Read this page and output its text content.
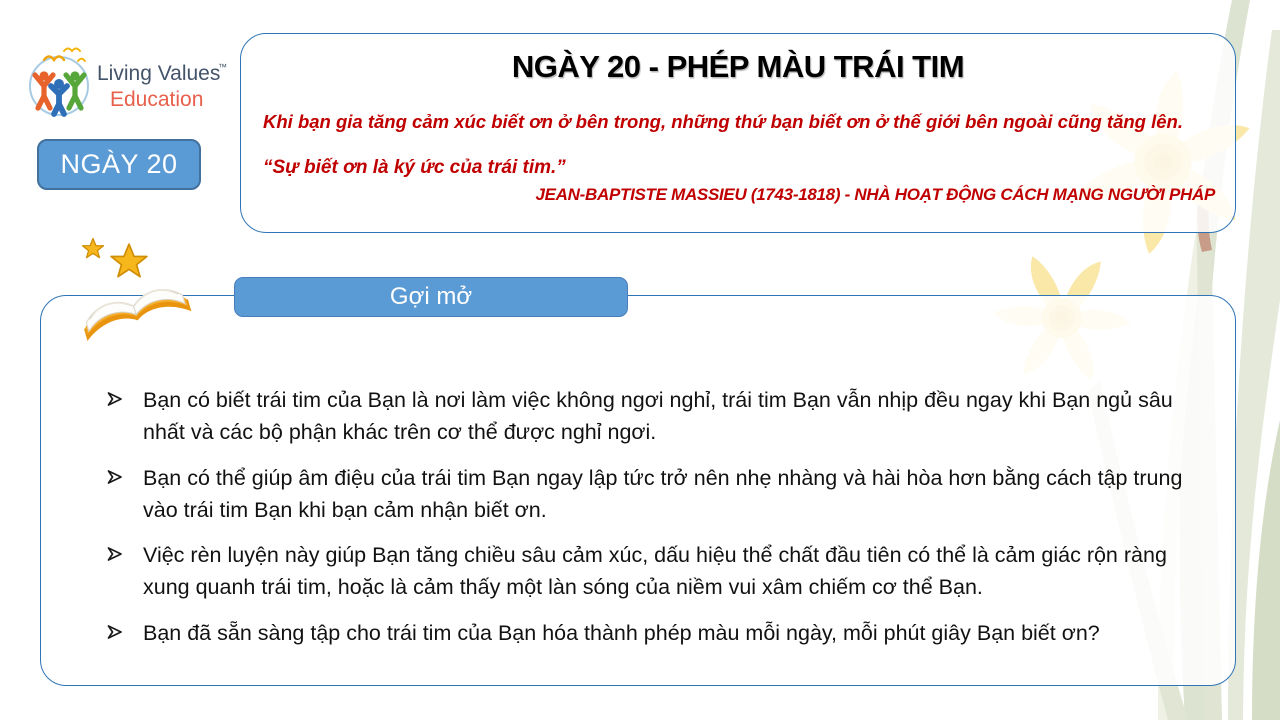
Living Values
™
Education
NGÀY 20
NGÀY 20 - PHÉP MÀU TRÁI TIM
Khi bạn gia tăng cảm xúc biết ơn ở bên trong, những thứ bạn biết ơn ở thế giới bên ngoài cũng tăng lên.
“Sự biết ơn là ký ức của trái tim.”
JEAN-BAPTISTE MASSIEU (1743-1818) - NHÀ HOẠT ĐỘNG CÁCH MẠNG NGƯỜI PHÁP
Gợi mở
Bạn có biết trái tim của Bạn là nơi làm việc không ngơi nghỉ, trái tim Bạn vẫn nhịp đều ngay khi Bạn ngủ sâu nhất và các bộ phận khác trên cơ thể được nghỉ ngơi.
Bạn có thể giúp âm điệu của trái tim Bạn ngay lập tức trở nên nhẹ nhàng và hài hòa hơn bằng cách tập trung vào trái tim Bạn khi bạn cảm nhận biết ơn.
Việc rèn luyện này giúp Bạn tăng chiều sâu cảm xúc, dấu hiệu thể chất đầu tiên có thể là cảm giác rộn ràng xung quanh trái tim, hoặc là cảm thấy một làn sóng của niềm vui xâm chiếm cơ thể Bạn.
Bạn đã sẵn sàng tập cho trái tim của Bạn hóa thành phép màu mỗi ngày, mỗi phút giây Bạn biết ơn?
